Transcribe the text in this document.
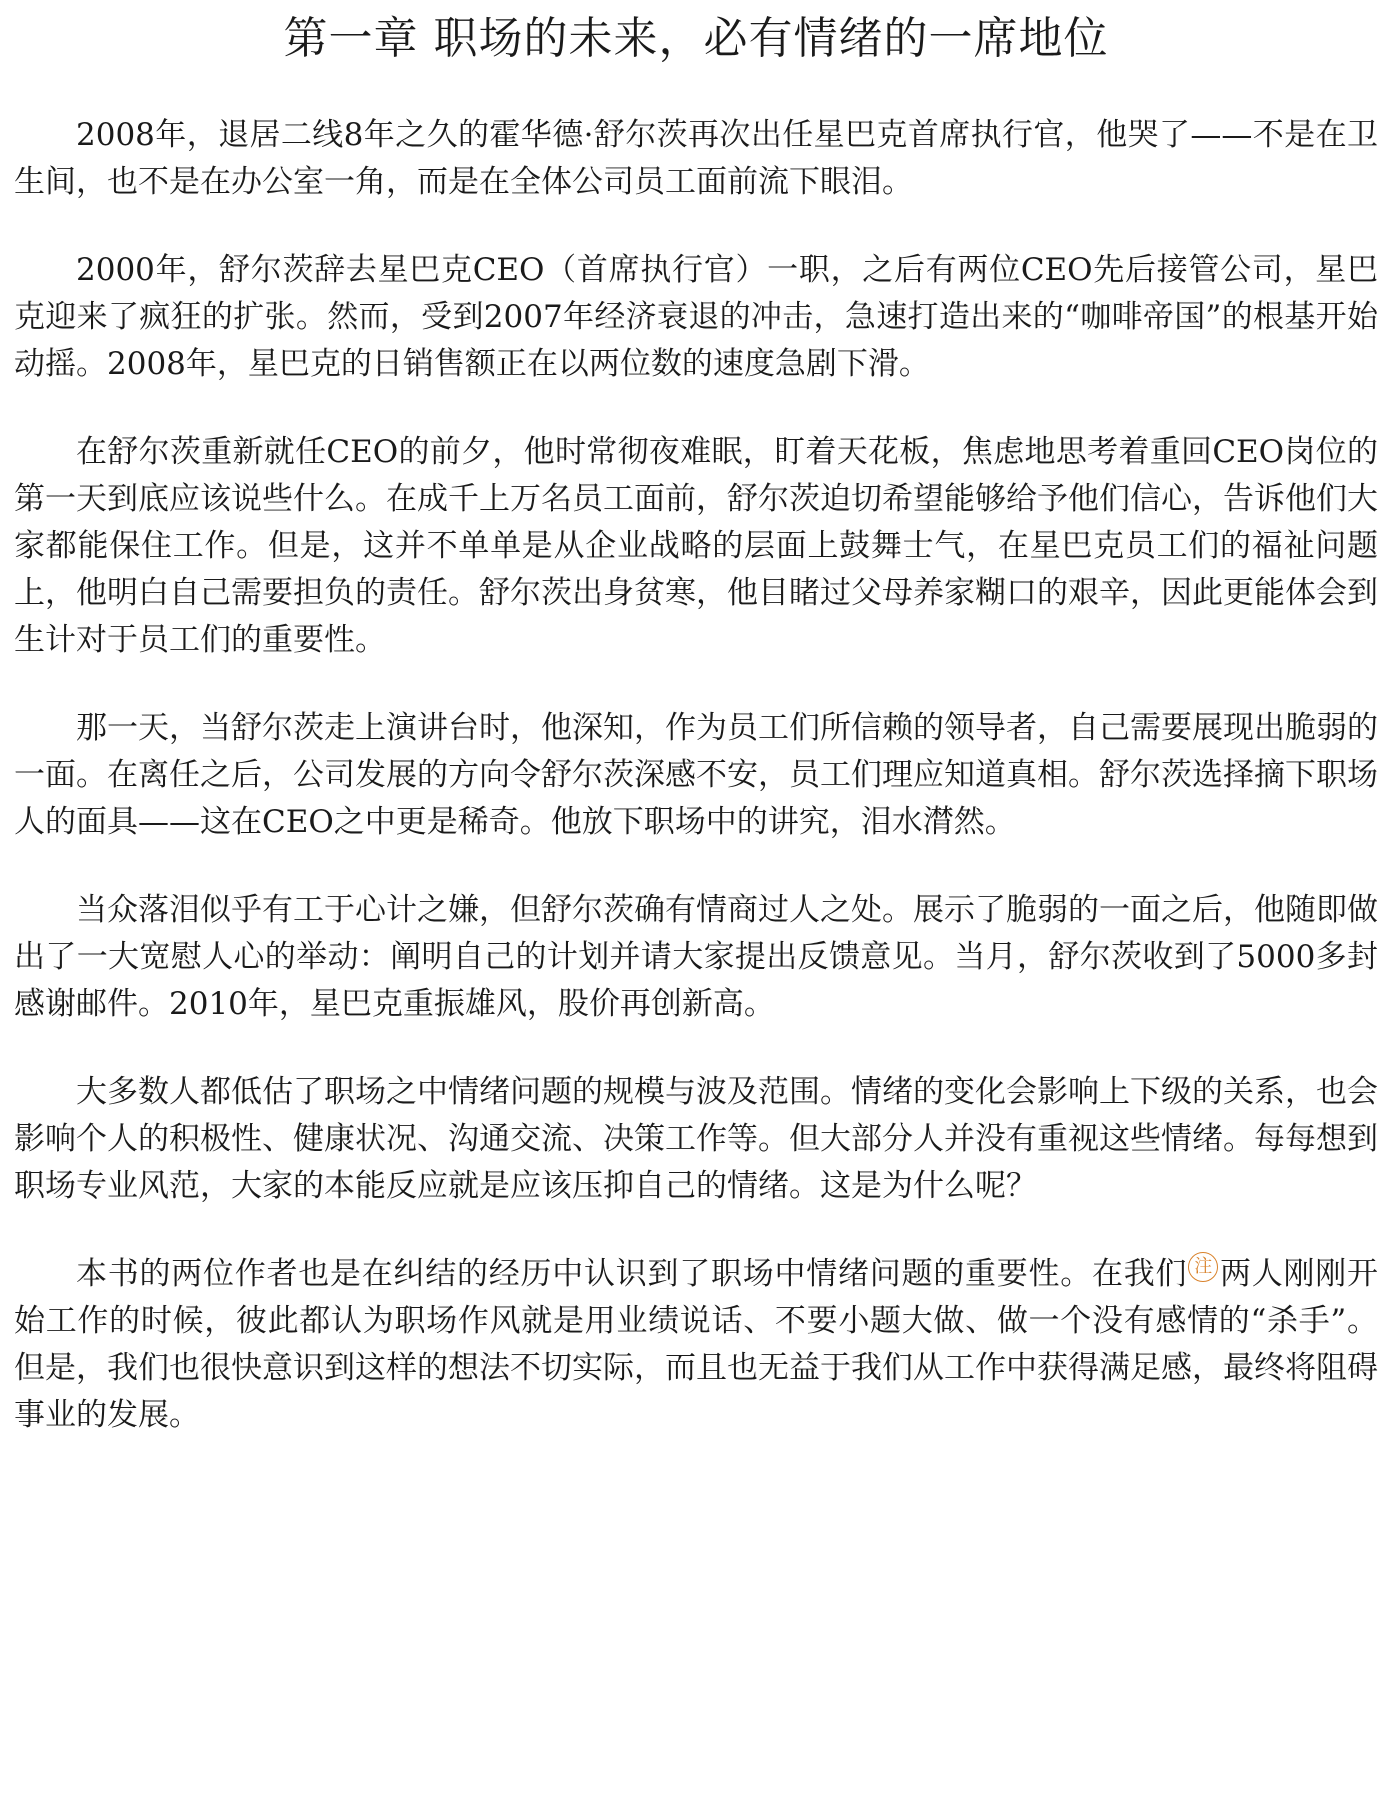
第一章 职场的未来，必有情绪的一席地位

2008年，退居二线8年之久的霍华德·舒尔茨再次出任星巴克首席执行官，他哭了——不是在卫生间，也不是在办公室一角，而是在全体公司员工面前流下眼泪。

2000年，舒尔茨辞去星巴克CEO（首席执行官）一职，之后有两位CEO先后接管公司，星巴克迎来了疯狂的扩张。然而，受到2007年经济衰退的冲击，急速打造出来的“咖啡帝国”的根基开始动摇。2008年，星巴克的日销售额正在以两位数的速度急剧下滑。

在舒尔茨重新就任CEO的前夕，他时常彻夜难眠，盯着天花板，焦虑地思考着重回CEO岗位的第一天到底应该说些什么。在成千上万名员工面前，舒尔茨迫切希望能够给予他们信心，告诉他们大家都能保住工作。但是，这并不单单是从企业战略的层面上鼓舞士气，在星巴克员工们的福祉问题上，他明白自己需要担负的责任。舒尔茨出身贫寒，他目睹过父母养家糊口的艰辛，因此更能体会到生计对于员工们的重要性。

那一天，当舒尔茨走上演讲台时，他深知，作为员工们所信赖的领导者，自己需要展现出脆弱的一面。在离任之后，公司发展的方向令舒尔茨深感不安，员工们理应知道真相。舒尔茨选择摘下职场人的面具——这在CEO之中更是稀奇。他放下职场中的讲究，泪水潸然。

当众落泪似乎有工于心计之嫌，但舒尔茨确有情商过人之处。展示了脆弱的一面之后，他随即做出了一大宽慰人心的举动：阐明自己的计划并请大家提出反馈意见。当月，舒尔茨收到了5000多封感谢邮件。2010年，星巴克重振雄风，股价再创新高。

大多数人都低估了职场之中情绪问题的规模与波及范围。情绪的变化会影响上下级的关系，也会影响个人的积极性、健康状况、沟通交流、决策工作等。但大部分人并没有重视这些情绪。每每想到职场专业风范，大家的本能反应就是应该压抑自己的情绪。这是为什么呢？

本书的两位作者也是在纠结的经历中认识到了职场中情绪问题的重要性。在我们 注 两人刚刚开始工作的时候，彼此都认为职场作风就是用业绩说话、不要小题大做、做一个没有感情的“杀手”。但是，我们也很快意识到这样的想法不切实际，而且也无益于我们从工作中获得满足感，最终将阻碍事业的发展。
